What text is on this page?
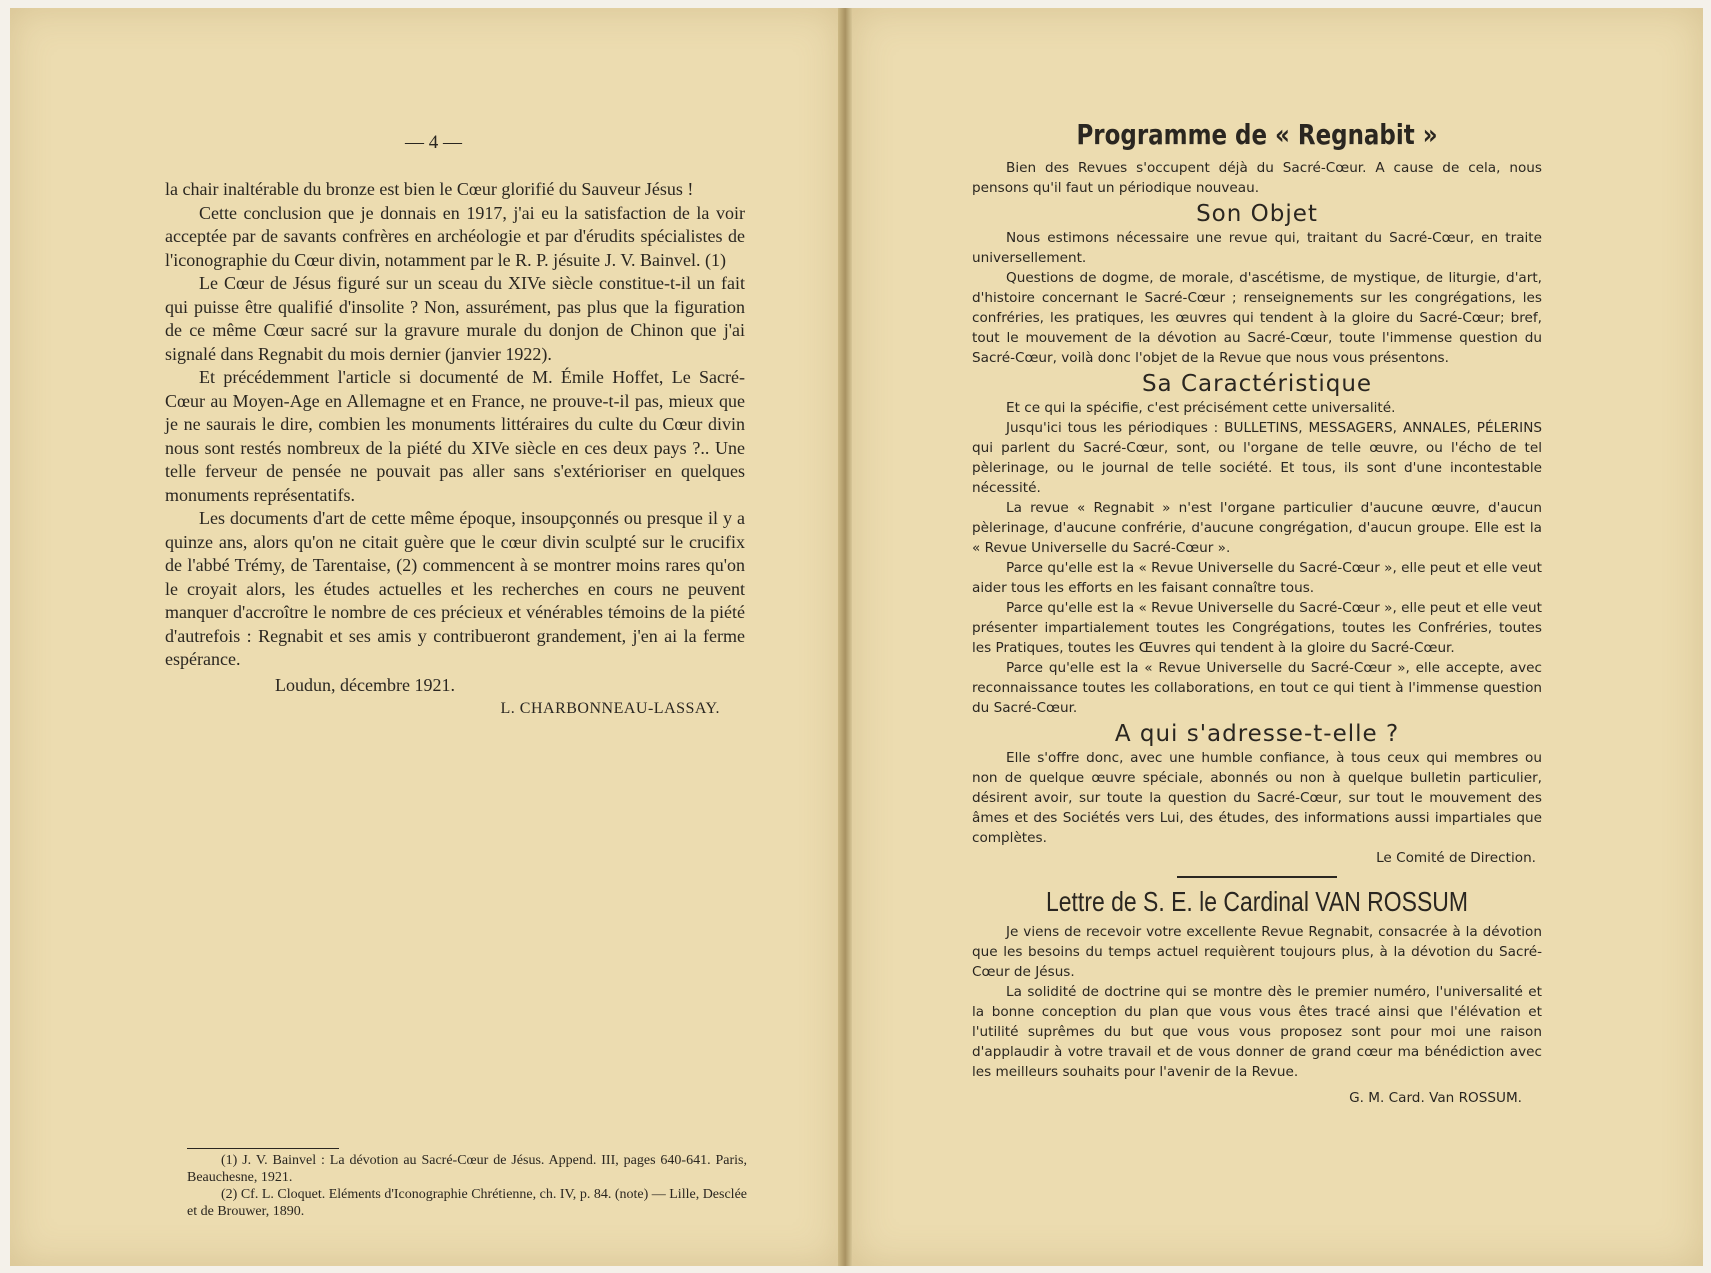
— 4 —

la chair inaltérable du bronze est bien le Cœur glorifié du Sauveur Jésus !

Cette conclusion que je donnais en 1917, j'ai eu la satisfaction de la voir acceptée par de savants confrères en archéologie et par d'érudits spécialistes de l'iconographie du Cœur divin, notamment par le R. P. jésuite J. V. Bainvel. (1)

Le Cœur de Jésus figuré sur un sceau du XIVe siècle constitue-t-il un fait qui puisse être qualifié d'insolite ? Non, assurément, pas plus que la figuration de ce même Cœur sacré sur la gravure murale du donjon de Chinon que j'ai signalé dans Regnabit du mois dernier (janvier 1922).

Et précédemment l'article si documenté de M. Émile Hoffet, Le Sacré-Cœur au Moyen-Age en Allemagne et en France, ne prouve-t-il pas, mieux que je ne saurais le dire, combien les monuments littéraires du culte du Cœur divin nous sont restés nombreux de la piété du XIVe siècle en ces deux pays ?.. Une telle ferveur de pensée ne pouvait pas aller sans s'extérioriser en quelques monuments représentatifs.

Les documents d'art de cette même époque, insoupçonnés ou presque il y a quinze ans, alors qu'on ne citait guère que le cœur divin sculpté sur le crucifix de l'abbé Trémy, de Tarentaise, (2) commencent à se montrer moins rares qu'on le croyait alors, les études actuelles et les recherches en cours ne peuvent manquer d'accroître le nombre de ces précieux et vénérables témoins de la piété d'autrefois : Regnabit et ses amis y contribueront grandement, j'en ai la ferme espérance.

Loudun, décembre 1921.

L. CHARBONNEAU-LASSAY.

(1) J. V. Bainvel : La dévotion au Sacré-Cœur de Jésus. Append. III, pages 640-641. Paris, Beauchesne, 1921.

(2) Cf. L. Cloquet. Eléments d'Iconographie Chrétienne, ch. IV, p. 84. (note) — Lille, Desclée et de Brouwer, 1890.

Programme de « Regnabit »

Bien des Revues s'occupent déjà du Sacré-Cœur. A cause de cela, nous pensons qu'il faut un périodique nouveau.

Son Objet

Nous estimons nécessaire une revue qui, traitant du Sacré-Cœur, en traite universellement.

Questions de dogme, de morale, d'ascétisme, de mystique, de liturgie, d'art, d'histoire concernant le Sacré-Cœur ; renseignements sur les congrégations, les confréries, les pratiques, les œuvres qui tendent à la gloire du Sacré-Cœur; bref, tout le mouvement de la dévotion au Sacré-Cœur, toute l'immense question du Sacré-Cœur, voilà donc l'objet de la Revue que nous vous présentons.

Sa Caractéristique

Et ce qui la spécifie, c'est précisément cette universalité.

Jusqu'ici tous les périodiques : BULLETINS, MESSAGERS, ANNALES, PÉLERINS qui parlent du Sacré-Cœur, sont, ou l'organe de telle œuvre, ou l'écho de tel pèlerinage, ou le journal de telle société. Et tous, ils sont d'une incontestable nécessité.

La revue « Regnabit » n'est l'organe particulier d'aucune œuvre, d'aucun pèlerinage, d'aucune confrérie, d'aucune congrégation, d'aucun groupe. Elle est la « Revue Universelle du Sacré-Cœur ».

Parce qu'elle est la « Revue Universelle du Sacré-Cœur », elle peut et elle veut aider tous les efforts en les faisant connaître tous.

Parce qu'elle est la « Revue Universelle du Sacré-Cœur », elle peut et elle veut présenter impartialement toutes les Congrégations, toutes les Confréries, toutes les Pratiques, toutes les Œuvres qui tendent à la gloire du Sacré-Cœur.

Parce qu'elle est la « Revue Universelle du Sacré-Cœur », elle accepte, avec reconnaissance toutes les collaborations, en tout ce qui tient à l'immense question du Sacré-Cœur.

A qui s'adresse-t-elle ?

Elle s'offre donc, avec une humble confiance, à tous ceux qui membres ou non de quelque œuvre spéciale, abonnés ou non à quelque bulletin particulier, désirent avoir, sur toute la question du Sacré-Cœur, sur tout le mouvement des âmes et des Sociétés vers Lui, des études, des informations aussi impartiales que complètes.

Le Comité de Direction.

Lettre de S. E. le Cardinal VAN ROSSUM

Je viens de recevoir votre excellente Revue Regnabit, consacrée à la dévotion que les besoins du temps actuel requièrent toujours plus, à la dévotion du Sacré-Cœur de Jésus.

La solidité de doctrine qui se montre dès le premier numéro, l'universalité et la bonne conception du plan que vous vous êtes tracé ainsi que l'élévation et l'utilité suprêmes du but que vous vous proposez sont pour moi une raison d'applaudir à votre travail et de vous donner de grand cœur ma bénédiction avec les meilleurs souhaits pour l'avenir de la Revue.

G. M. Card. Van ROSSUM.
